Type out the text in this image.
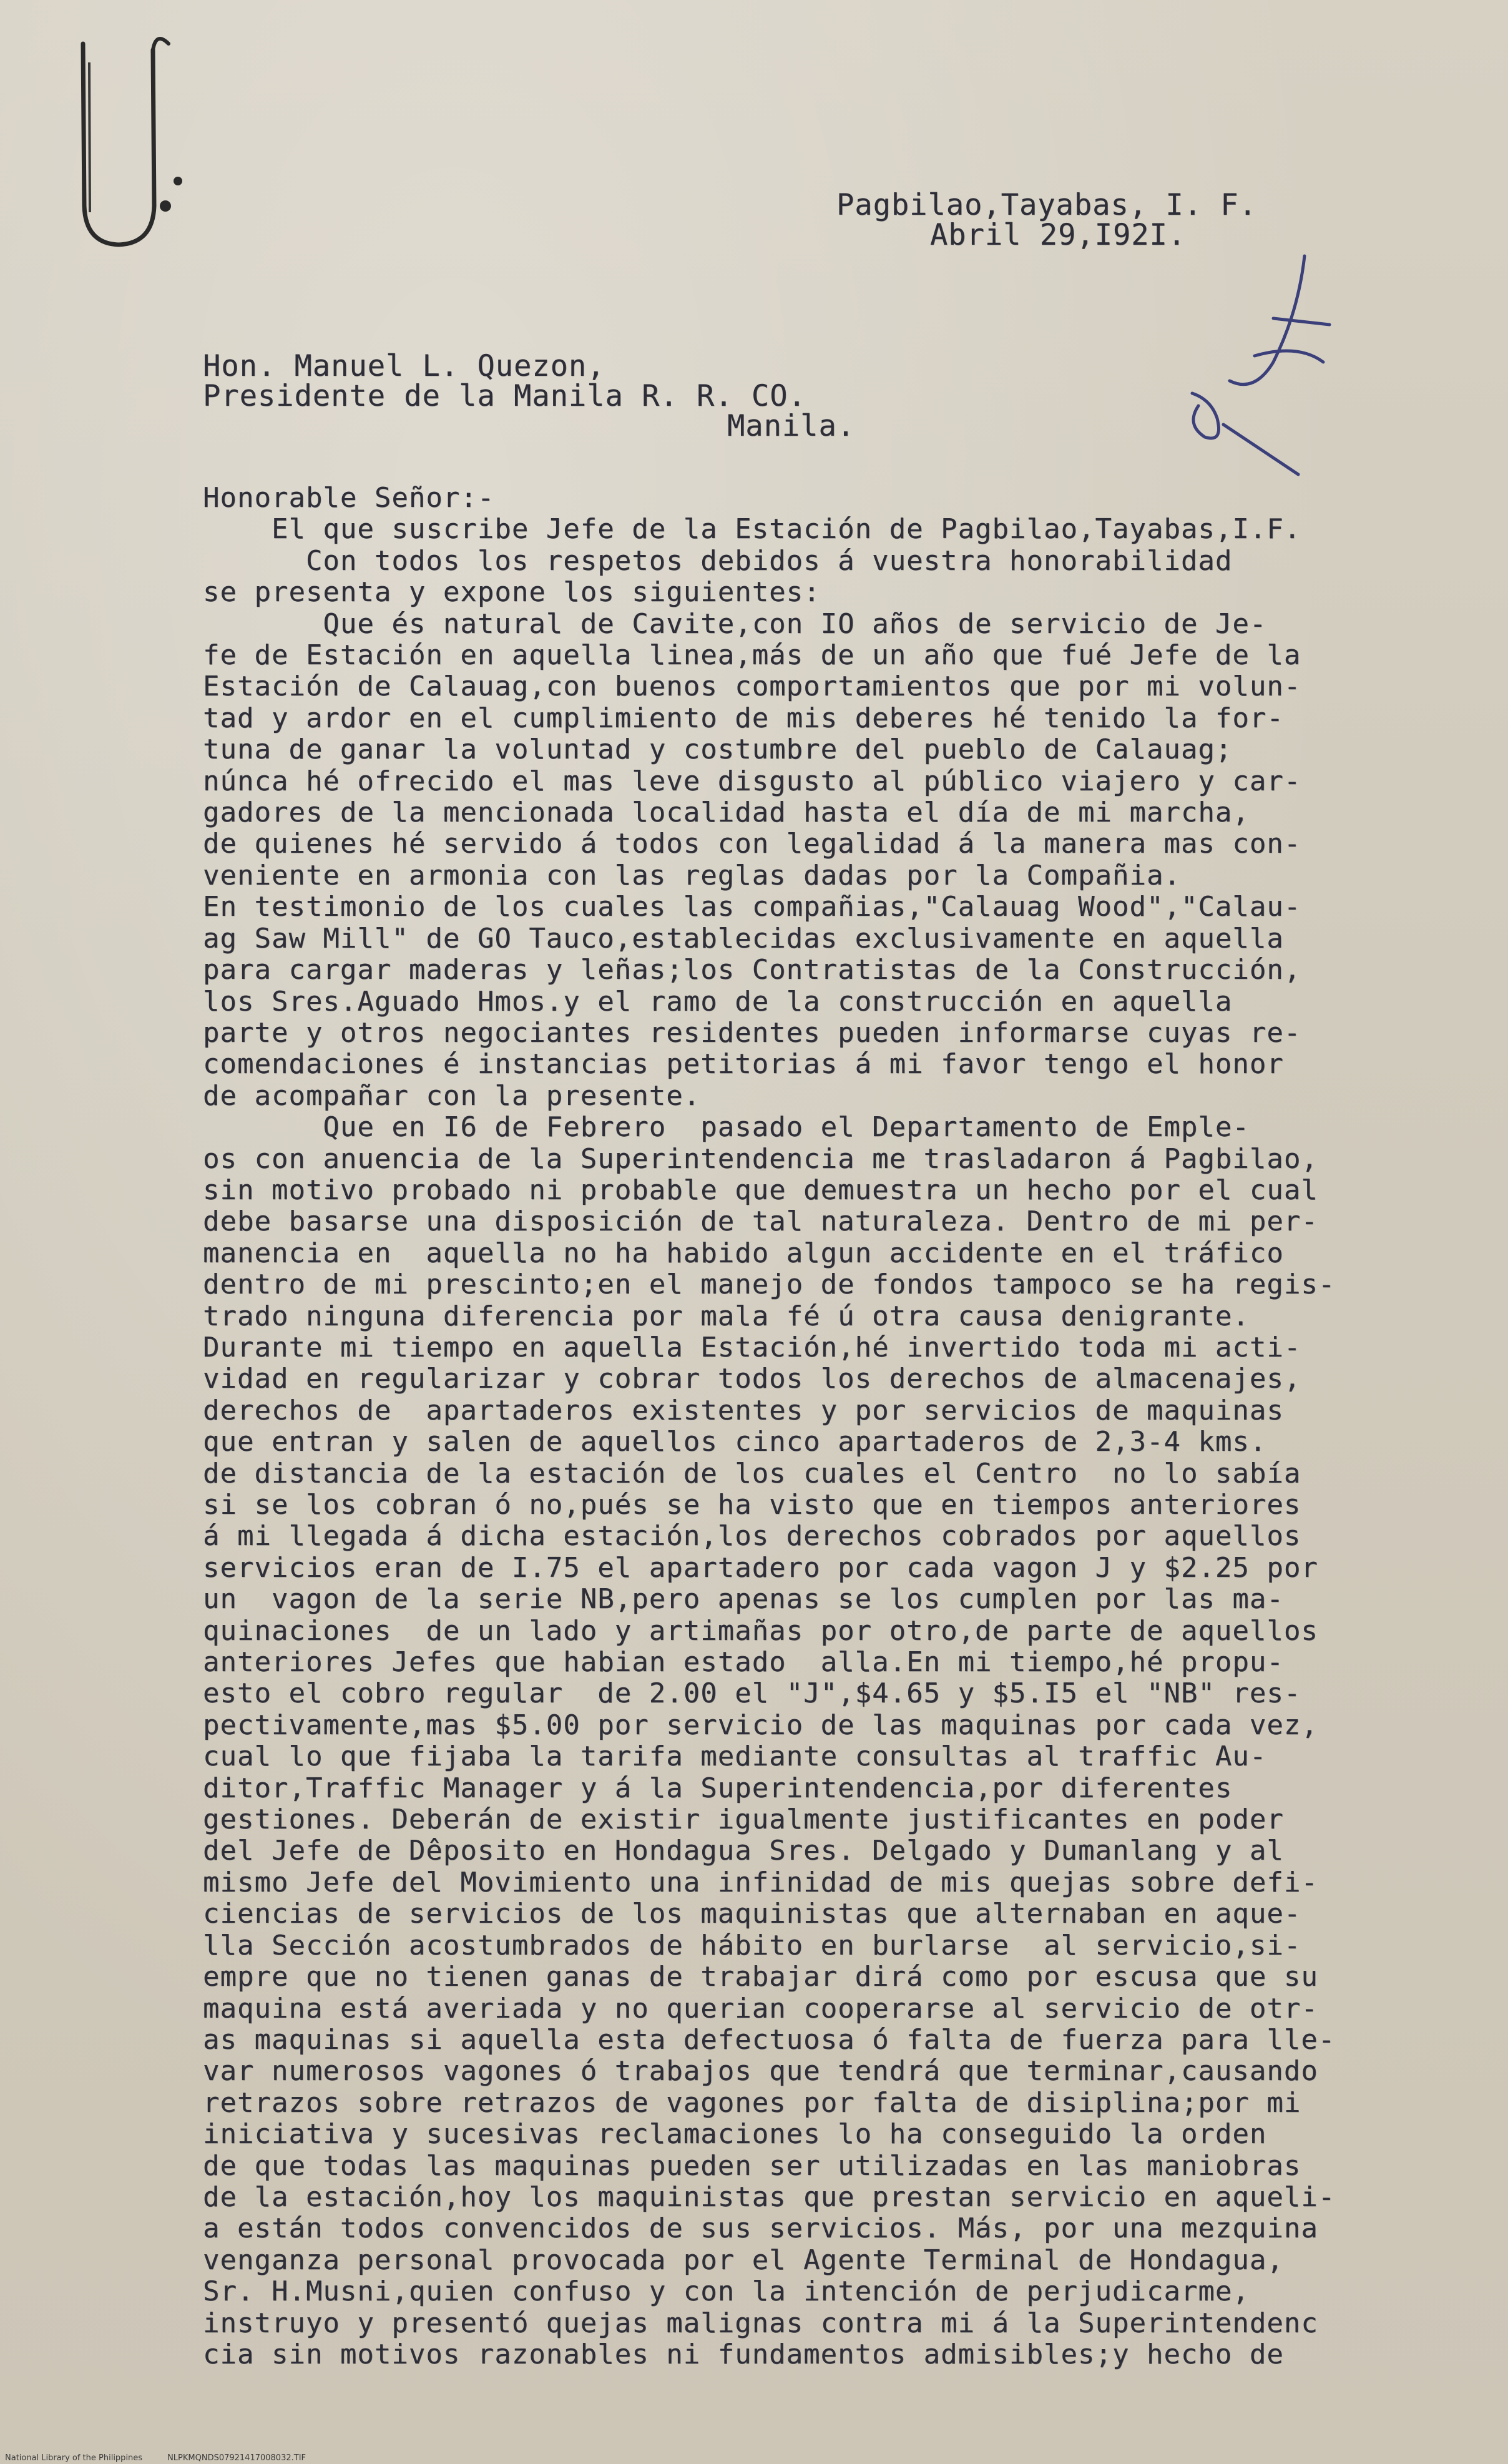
Pagbilao,Tayabas, I. F.
Abril 29,I92I.
Hon. Manuel L. Quezon,
Presidente de la Manila R. R. CO.
Manila.
Honorable Señor:-
El que suscribe Jefe de la Estación de Pagbilao,Tayabas,I.F.
Con todos los respetos debidos á vuestra honorabilidad
se presenta y expone los siguientes:
Que és natural de Cavite,con IO años de servicio de Je-
fe de Estación en aquella linea,más de un año que fué Jefe de la
Estación de Calauag,con buenos comportamientos que por mi volun-
tad y ardor en el cumplimiento de mis deberes hé tenido la for-
tuna de ganar la voluntad y costumbre del pueblo de Calauag;
núnca hé ofrecido el mas leve disgusto al público viajero y car-
gadores de la mencionada localidad hasta el día de mi marcha,
de quienes hé servido á todos con legalidad á la manera mas con-
veniente en armonia con las reglas dadas por la Compañia.
En testimonio de los cuales las compañias,"Calauag Wood","Calau-
ag Saw Mill" de GO Tauco,establecidas exclusivamente en aquella
para cargar maderas y leñas;los Contratistas de la Construcción,
los Sres.Aguado Hmos.y el ramo de la construcción en aquella
parte y otros negociantes residentes pueden informarse cuyas re-
comendaciones é instancias petitorias á mi favor tengo el honor
de acompañar con la presente.
Que en I6 de Febrero  pasado el Departamento de Emple-
os con anuencia de la Superintendencia me trasladaron á Pagbilao,
sin motivo probado ni probable que demuestra un hecho por el cual
debe basarse una disposición de tal naturaleza. Dentro de mi per-
manencia en  aquella no ha habido algun accidente en el tráfico
dentro de mi prescinto;en el manejo de fondos tampoco se ha regis-
trado ninguna diferencia por mala fé ú otra causa denigrante.
Durante mi tiempo en aquella Estación,hé invertido toda mi acti-
vidad en regularizar y cobrar todos los derechos de almacenajes,
derechos de  apartaderos existentes y por servicios de maquinas
que entran y salen de aquellos cinco apartaderos de 2,3-4 kms.
de distancia de la estación de los cuales el Centro  no lo sabía
si se los cobran ó no,pués se ha visto que en tiempos anteriores
á mi llegada á dicha estación,los derechos cobrados por aquellos
servicios eran de I.75 el apartadero por cada vagon J y $2.25 por
un  vagon de la serie NB,pero apenas se los cumplen por las ma-
quinaciones  de un lado y artimañas por otro,de parte de aquellos
anteriores Jefes que habian estado  alla.En mi tiempo,hé propu-
esto el cobro regular  de 2.00 el "J",$4.65 y $5.I5 el "NB" res-
pectivamente,mas $5.00 por servicio de las maquinas por cada vez,
cual lo que fijaba la tarifa mediante consultas al traffic Au-
ditor,Traffic Manager y á la Superintendencia,por diferentes
gestiones. Deberán de existir igualmente justificantes en poder
del Jefe de Dêposito en Hondagua Sres. Delgado y Dumanlang y al
mismo Jefe del Movimiento una infinidad de mis quejas sobre defi-
ciencias de servicios de los maquinistas que alternaban en aque-
lla Sección acostumbrados de hábito en burlarse  al servicio,si-
empre que no tienen ganas de trabajar dirá como por escusa que su
maquina está averiada y no querian cooperarse al servicio de otr-
as maquinas si aquella esta defectuosa ó falta de fuerza para lle-
var numerosos vagones ó trabajos que tendrá que terminar,causando
retrazos sobre retrazos de vagones por falta de disiplina;por mi
iniciativa y sucesivas reclamaciones lo ha conseguido la orden
de que todas las maquinas pueden ser utilizadas en las maniobras
de la estación,hoy los maquinistas que prestan servicio en aqueli-
a están todos convencidos de sus servicios. Más, por una mezquina
venganza personal provocada por el Agente Terminal de Hondagua,
Sr. H.Musni,quien confuso y con la intención de perjudicarme,
instruyo y presentó quejas malignas contra mi á la Superintendenc
cia sin motivos razonables ni fundamentos admisibles;y hecho de
National Library of the Philippines	NLPKMQNDS07921417008032.TIF
